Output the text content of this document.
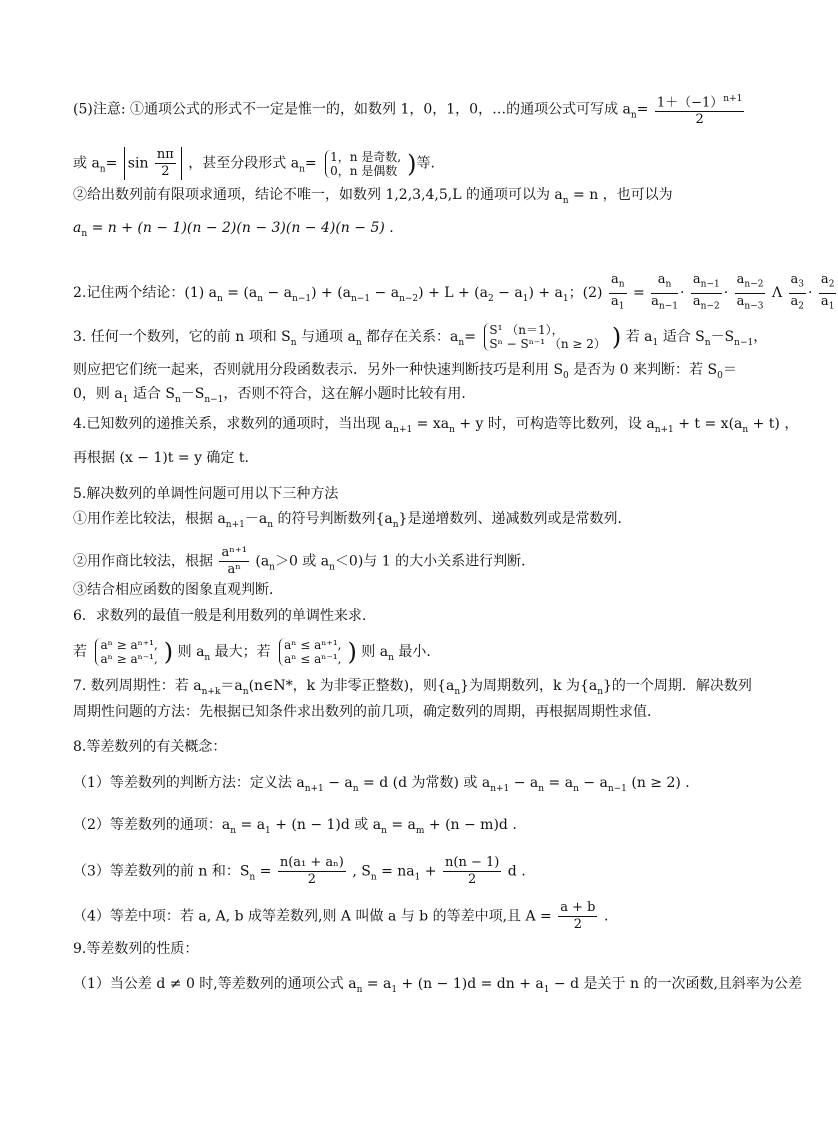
(5)注意: ①通项公式的形式不一定是惟一的，如数列 1，0，1，0，…的通项公式可写成 $a_n= \frac{1+(-1)^{n+1}}{2}$
或 $a_n= \sin \frac{n\pi}{2}$ ，甚至分段形式 $a_n= 1$，n 是奇数,
0，n 是偶数 )等.
②给出数列前有限项求通项，结论不唯一，如数列 1,2,3,4,5,L 的通项可以为 $a_n = n$ ，也可以为
$a_n = n + (n - 1)(n - 2)(n - 3)(n - 4)(n - 5)$ .
2.记住两个结论：(1) $a_n = (a_n - a_{n-1}) + (a_{n-1} - a_{n-2}) + L + (a_2 - a_1) + a_1$；$(2) \frac{a_n}{a_1} = \frac{a_n}{a_{n-1}} \cdot \frac{a_{n-1}}{a_{n-2}} \cdot \frac{a_{n-2}}{a_{n-3}}$ Λ $\frac{a_3}{a_2} \cdot \frac{a_2}{a_1}$
3. 任何一个数列，它的前 n 项和 $S_n$ 与通项 $a_n$ 都存在关系：$a_n= S^1$ （n＝1），
Sⁿ − Sⁿ⁻¹ （n ≥ 2） ) 若 $a_1$ 适合 $S_n-S_{n-1}$，
则应把它们统一起来，否则就用分段函数表示．另外一种快速判断技巧是利用 $S_0$ 是否为 0 来判断：若 $S_0=$
0，则 $a_1$ 适合 $S_n-S_{n-1}$，否则不符合，这在解小题时比较有用．
4.已知数列的递推关系，求数列的通项时，当出现 $a_{n+1} = xa_n + y$ 时，可构造等比数列，设 $a_{n+1} + t = x(a_n + t)$ ，
再根据 (x − 1)t = y 确定 t.
5.解决数列的单调性问题可用以下三种方法
①用作差比较法，根据 $a_{n+1}-a_n$ 的符号判断数列$\{a_n\}$是递增数列、递减数列或是常数列．
②用作商比较法，根据 $\frac{\text{aⁿ⁺¹}}{\text{aⁿ}} (a_n>0$ 或 $a_n<0$)与 1 的大小关系进行判断．
③结合相应函数的图象直观判断．
6．求数列的最值一般是利用数列的单调性来求.
若 aⁿ ≥ aⁿ⁺¹,
aⁿ ≥ aⁿ⁻¹, ) 则 $a_n$ 最大；若 aⁿ ≤ aⁿ⁺¹,
aⁿ ≤ aⁿ⁻¹, ) 则 $a_n$ 最小．
7. 数列周期性：若 $a_{n+k}=a_n(n\in N*$，k 为非零正整数)，则$\{a_n\}$为周期数列，k 为$\{a_n\}$的一个周期．解决数列
周期性问题的方法：先根据已知条件求出数列的前几项，确定数列的周期，再根据周期性求值．
8.等差数列的有关概念：
（1）等差数列的判断方法：定义法 $a_{n+1} - a_n = d$ (d 为常数) 或 $a_{n+1} - a_n = a_n - a_{n-1}$ (n ≥ 2) .
（2）等差数列的通项：$a_n = a_1 + (n - 1)d$ 或 $a_n = a_m + (n - m)d$ .
（3）等差数列的前 n 和：$S_n = \frac{\text{n(a₁ + aₙ)}}{2}$ , $S_n = na_1 + \frac{n(n - 1)}{2}$ d .
（4）等差中项：若 a, A, b 成等差数列,则 A 叫做 a 与 b 的等差中项,且 $A = \frac{a + b}{2}$ .
9.等差数列的性质：
（1）当公差 d ≠ 0 时,等差数列的通项公式 $a_n = a_1 + (n - 1)d$ = dn + $a_1 - d$ 是关于 n 的一次函数,且斜率为公差
